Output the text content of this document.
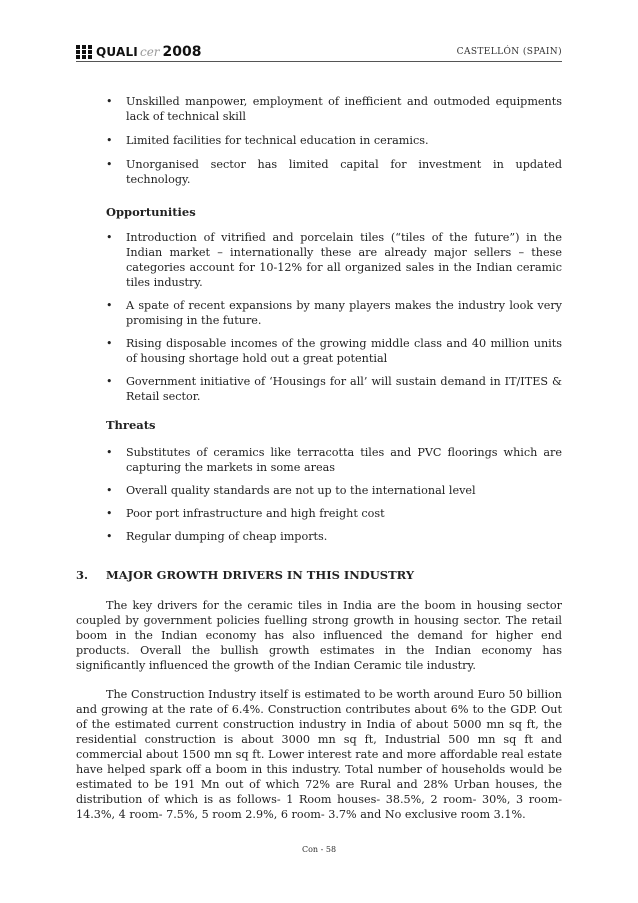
QUALI cer 2008	CASTELLÓN (SPAIN)
• Unskilled manpower, employment of inefficient and outmoded equipments lack of technical skill
• Limited facilities for technical education in ceramics.
• Unorganised sector has limited capital for investment in updated technology.
Opportunities
• Introduction of vitrified and porcelain tiles (“tiles of the future”) in the Indian market – internationally these are already major sellers – these categories account for 10-12% for all organized sales in the Indian ceramic tiles industry.
• A spate of recent expansions by many players makes the industry look very promising in the future.
• Rising disposable incomes of the growing middle class and 40 million units of housing shortage hold out a great potential
• Government initiative of ‘Housings for all’ will sustain demand in IT/ITES & Retail sector.
Threats
• Substitutes of ceramics like terracotta tiles and PVC floorings which are capturing the markets in some areas
• Overall quality standards are not up to the international level
• Poor port infrastructure and high freight cost
• Regular dumping of cheap imports.
3. MAJOR GROWTH DRIVERS IN THIS INDUSTRY
The key drivers for the ceramic tiles in India are the boom in housing sector coupled by government policies fuelling strong growth in housing sector. The retail boom in the Indian economy has also influenced the demand for higher end products. Overall the bullish growth estimates in the Indian economy has significantly influenced the growth of the Indian Ceramic tile industry.
The Construction Industry itself is estimated to be worth around Euro 50 billion and growing at the rate of 6.4%. Construction contributes about 6% to the GDP. Out of the estimated current construction industry in India of about 5000 mn sq ft, the residential construction is about 3000 mn sq ft, Industrial 500 mn sq ft and commercial about 1500 mn sq ft. Lower interest rate and more affordable real estate have helped spark off a boom in this industry. Total number of households would be estimated to be 191 Mn out of which 72% are Rural and 28% Urban houses, the distribution of which is as follows- 1 Room houses- 38.5%, 2 room- 30%, 3 room- 14.3%, 4 room- 7.5%, 5 room 2.9%, 6 room- 3.7% and No exclusive room 3.1%.
Con - 58
